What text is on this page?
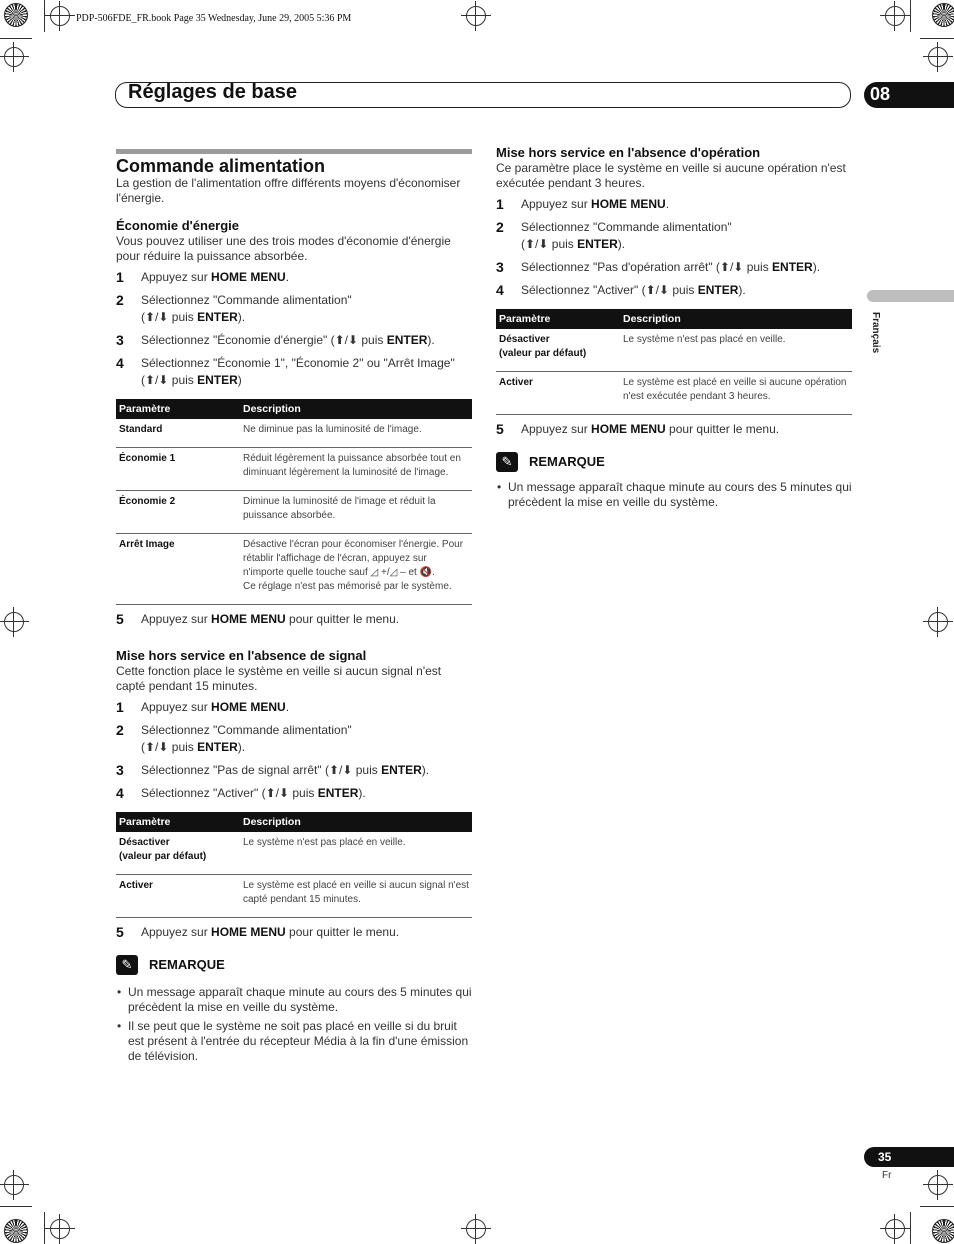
PDP-506FDE_FR.book Page 35 Wednesday, June 29, 2005 5:36 PM
Réglages de base	08
Français
Commande alimentation
La gestion de l'alimentation offre différents moyens d'économiser l'énergie.
Économie d'énergie
Vous pouvez utiliser une des trois modes d'économie d'énergie pour réduire la puissance absorbée.
1 Appuyez sur HOME MENU.
2 Sélectionnez "Commande alimentation"
(⬆/⬇ puis ENTER).
3 Sélectionnez "Économie d'énergie" (⬆/⬇ puis ENTER).
4 Sélectionnez "Économie 1", "Économie 2" ou "Arrêt Image"
(⬆/⬇ puis ENTER)
Paramètre	Description
Standard	Ne diminue pas la luminosité de l'image.
Économie 1	Réduit légèrement la puissance absorbée tout en diminuant légèrement la luminosité de l'image.
Économie 2	Diminue la luminosité de l'image et réduit la puissance absorbée.
Arrêt Image	Désactive l'écran pour économiser l'énergie. Pour rétablir l'affichage de l'écran, appuyez sur n'importe quelle touche sauf ◿ +/◿ – et 🔇.
Ce réglage n'est pas mémorisé par le système.
5 Appuyez sur HOME MENU pour quitter le menu.
Mise hors service en l'absence de signal
Cette fonction place le système en veille si aucun signal n'est capté pendant 15 minutes.
1 Appuyez sur HOME MENU.
2 Sélectionnez "Commande alimentation"
(⬆/⬇ puis ENTER).
3 Sélectionnez "Pas de signal arrêt" (⬆/⬇ puis ENTER).
4 Sélectionnez "Activer" (⬆/⬇ puis ENTER).
Paramètre	Description
Désactiver
(valeur par défaut)	Le système n'est pas placé en veille.
Activer	Le système est placé en veille si aucun signal n'est capté pendant 15 minutes.
5 Appuyez sur HOME MENU pour quitter le menu.
✎	REMARQUE
• Un message apparaît chaque minute au cours des 5 minutes qui précèdent la mise en veille du système.
• Il se peut que le système ne soit pas placé en veille si du bruit est présent à l'entrée du récepteur Média à la fin d'une émission de télévision.
Mise hors service en l'absence d'opération
Ce paramètre place le système en veille si aucune opération n'est exécutée pendant 3 heures.
1 Appuyez sur HOME MENU.
2 Sélectionnez "Commande alimentation"
(⬆/⬇ puis ENTER).
3 Sélectionnez "Pas d'opération arrêt" (⬆/⬇ puis ENTER).
4 Sélectionnez "Activer" (⬆/⬇ puis ENTER).
Paramètre	Description
Désactiver
(valeur par défaut)	Le système n'est pas placé en veille.
Activer	Le système est placé en veille si aucune opération n'est exécutée pendant 3 heures.
5 Appuyez sur HOME MENU pour quitter le menu.
✎	REMARQUE
• Un message apparaît chaque minute au cours des 5 minutes qui précèdent la mise en veille du système.
35
Fr
